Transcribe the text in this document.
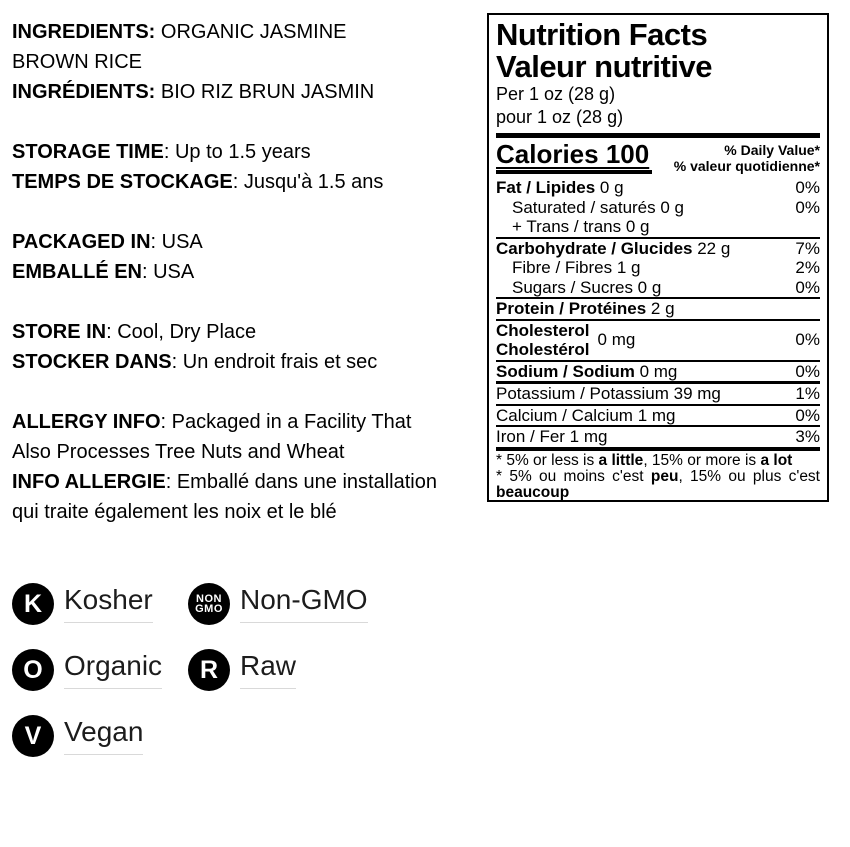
INGREDIENTS: ORGANIC JASMINE
BROWN RICE
INGRÉDIENTS: BIO RIZ BRUN JASMIN
STORAGE TIME: Up to 1.5 years
TEMPS DE STOCKAGE: Jusqu'à 1.5 ans
PACKAGED IN: USA
EMBALLÉ EN: USA
STORE IN: Cool, Dry Place
STOCKER DANS: Un endroit frais et sec
ALLERGY INFO: Packaged in a Facility That
Also Processes Tree Nuts and Wheat
INFO ALLERGIE: Emballé dans une installation
qui traite également les noix et le blé
Nutrition Facts
Valeur nutritive
Per 1 oz (28 g)
pour 1 oz (28 g)
Calories 100	% Daily Value*
% valeur quotidienne*
Fat / Lipides 0 g	0%
Saturated / saturés 0 g	0%
+ Trans / trans 0 g
Carbohydrate / Glucides 22 g	7%
Fibre / Fibres 1 g	2%
Sugars / Sucres 0 g	0%
Protein / Protéines 2 g
Cholesterol
Cholestérol
0 mg	0%
Sodium / Sodium 0 mg	0%
Potassium / Potassium 39 mg	1%
Calcium / Calcium 1 mg	0%
Iron / Fer 1 mg	3%
* 5% or less is a little, 15% or more is a lot
* 5% ou moins c'est peu, 15% ou plus c'est beaucoup
K Kosher	NON
GMO Non-GMO
O Organic R Raw
V Vegan
